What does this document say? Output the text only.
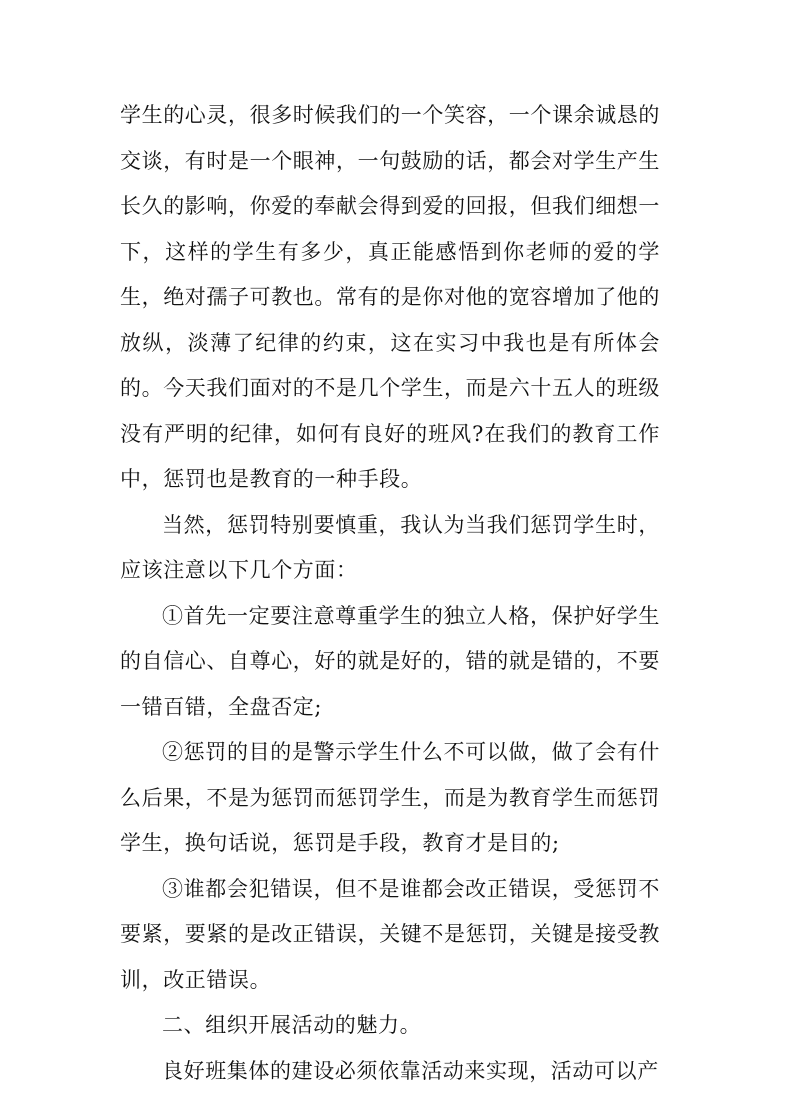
学生的心灵，很多时候我们的一个笑容，一个课余诚恳的交谈，有时是一个眼神，一句鼓励的话，都会对学生产生长久的影响，你爱的奉献会得到爱的回报，但我们细想一下，这样的学生有多少，真正能感悟到你老师的爱的学生，绝对孺子可教也。常有的是你对他的宽容增加了他的放纵，淡薄了纪律的约束，这在实习中我也是有所体会的。今天我们面对的不是几个学生，而是六十五人的班级没有严明的纪律，如何有良好的班风?在我们的教育工作中，惩罚也是教育的一种手段。

当然，惩罚特别要慎重，我认为当我们惩罚学生时，应该注意以下几个方面：

①首先一定要注意尊重学生的独立人格，保护好学生的自信心、自尊心，好的就是好的，错的就是错的，不要一错百错，全盘否定;

②惩罚的目的是警示学生什么不可以做，做了会有什么后果，不是为惩罚而惩罚学生，而是为教育学生而惩罚学生，换句话说，惩罚是手段，教育才是目的;

③谁都会犯错误，但不是谁都会改正错误，受惩罚不要紧，要紧的是改正错误，关键不是惩罚，关键是接受教训，改正错误。

二、组织开展活动的魅力。

良好班集体的建设必须依靠活动来实现，活动可以产
